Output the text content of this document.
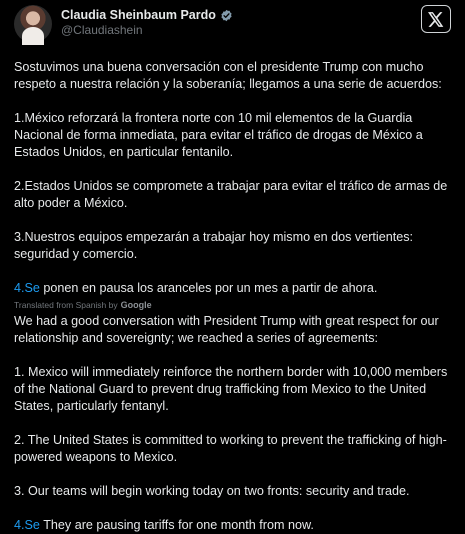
Claudia Sheinbaum Pardo
@Claudiashein
Sostuvimos una buena conversación con el presidente Trump con mucho respeto a nuestra relación y la soberanía; llegamos a una serie de acuerdos:
1.México reforzará la frontera norte con 10 mil elementos de la Guardia Nacional de forma inmediata, para evitar el tráfico de drogas de México a Estados Unidos, en particular fentanilo.
2.Estados Unidos se compromete a trabajar para evitar el tráfico de armas de alto poder a México.
3.Nuestros equipos empezarán a trabajar hoy mismo en dos vertientes: seguridad y comercio.
4.Se ponen en pausa los aranceles por un mes a partir de ahora.
Translated from Spanish by Google
We had a good conversation with President Trump with great respect for our relationship and sovereignty; we reached a series of agreements:
1. Mexico will immediately reinforce the northern border with 10,000 members of the National Guard to prevent drug trafficking from Mexico to the United States, particularly fentanyl.
2. The United States is committed to working to prevent the trafficking of high-powered weapons to Mexico.
3. Our teams will begin working today on two fronts: security and trade.
4.Se They are pausing tariffs for one month from now.
